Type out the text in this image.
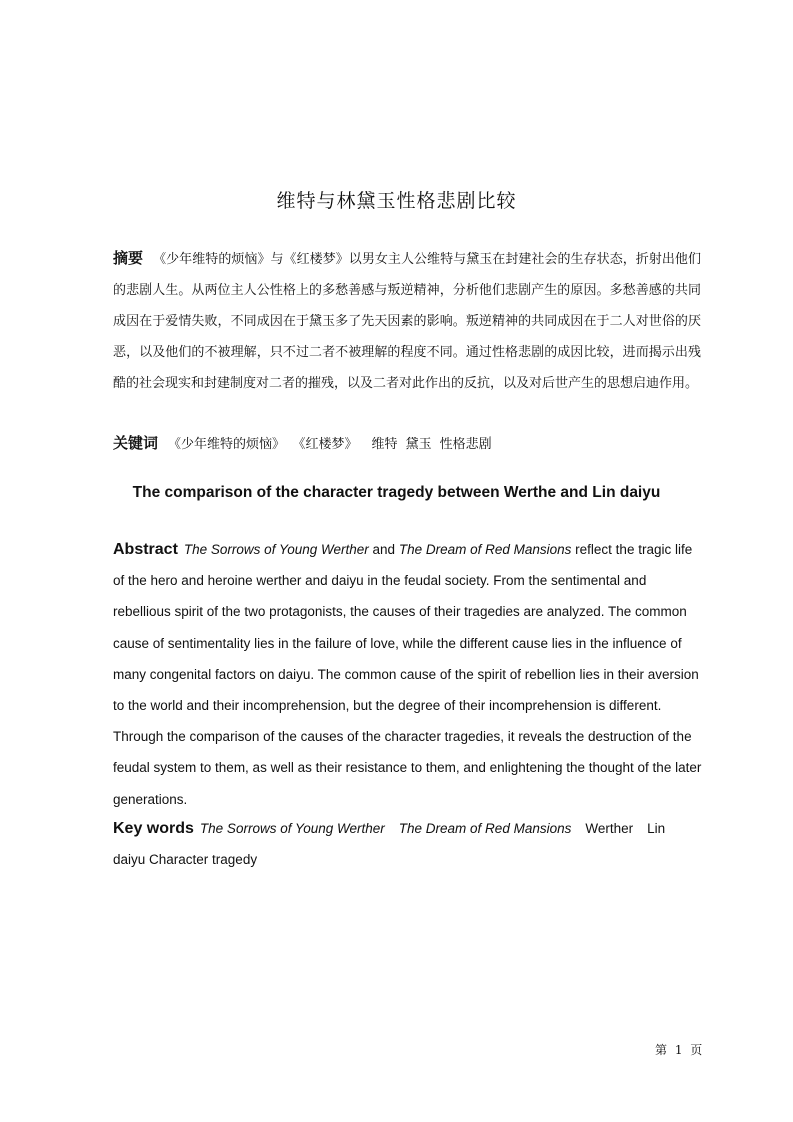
维特与林黛玉性格悲剧比较

摘要 《少年维特的烦恼》与《红楼梦》以男女主人公维特与黛玉在封建社会的生存状态，折射出他们的悲剧人生。从两位主人公性格上的多愁善感与叛逆精神，分析他们悲剧产生的原因。多愁善感的共同成因在于爱情失败，不同成因在于黛玉多了先天因素的影响。叛逆精神的共同成因在于二人对世俗的厌恶，以及他们的不被理解，只不过二者不被理解的程度不同。通过性格悲剧的成因比较，进而揭示出残酷的社会现实和封建制度对二者的摧残，以及二者对此作出的反抗，以及对后世产生的思想启迪作用。

关键词 《少年维特的烦恼》 《红楼梦》 维特 黛玉 性格悲剧

The comparison of the character tragedy between Werthe and Lin daiyu

Abstract The Sorrows of Young Werther and The Dream of Red Mansions reflect the tragic life of the hero and heroine werther and daiyu in the feudal society. From the sentimental and rebellious spirit of the two protagonists, the causes of their tragedies are analyzed. The common cause of sentimentality lies in the failure of love, while the different cause lies in the influence of many congenital factors on daiyu. The common cause of the spirit of rebellion lies in their aversion to the world and their incomprehension, but the degree of their incomprehension is different. Through the comparison of the causes of the character tragedies, it reveals the destruction of the feudal system to them, as well as their resistance to them, and enlightening the thought of the later generations.

Key words The Sorrows of Young Werther The Dream of Red Mansions Werther Lin daiyu Character tragedy

第 1 页
